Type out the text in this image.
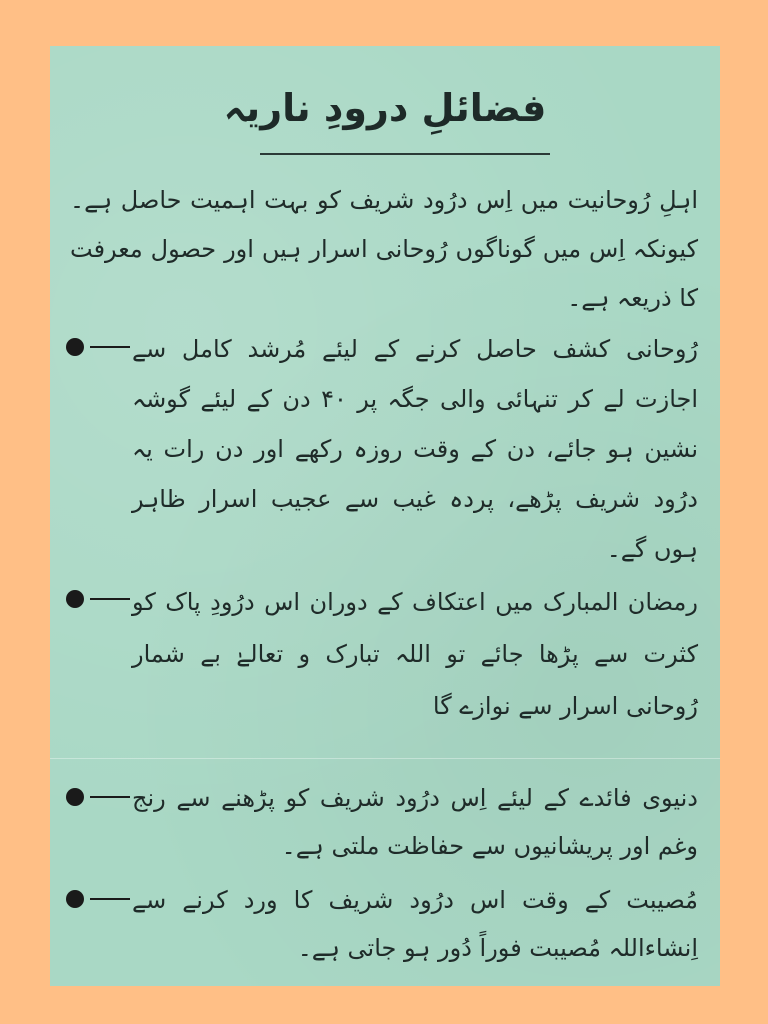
فضائلِ درودِ ناریہ
اہلِ رُوحانیت میں اِس درُود شریف کو بہت اہمیت حاصل ہے۔ کیونکہ اِس میں گوناگوں رُوحانی اسرار ہیں اور حصول معرفت کا ذریعہ ہے۔
رُوحانی کشف حاصل کرنے کے لیئے مُرشد کامل سے اجازت لے کر تنہائی والی جگہ پر ۴۰ دن کے لیئے گوشہ نشین ہو جائے، دن کے وقت روزہ رکھے اور دن رات یہ درُود شریف پڑھے، پردہ غیب سے عجیب اسرار ظاہر ہوں گے۔
رمضان المبارک میں اعتکاف کے دوران اس درُودِ پاک کو کثرت سے پڑھا جائے تو اللہ تبارک و تعالےٰ بے شمار رُوحانی اسرار سے نوازے گا
دنیوی فائدے کے لیئے اِس درُود شریف کو پڑھنے سے رنج وغم اور پریشانیوں سے حفاظت ملتی ہے۔
مُصیبت کے وقت اس درُود شریف کا ورد کرنے سے اِنشاءاللہ مُصیبت فوراً دُور ہو جاتی ہے۔
